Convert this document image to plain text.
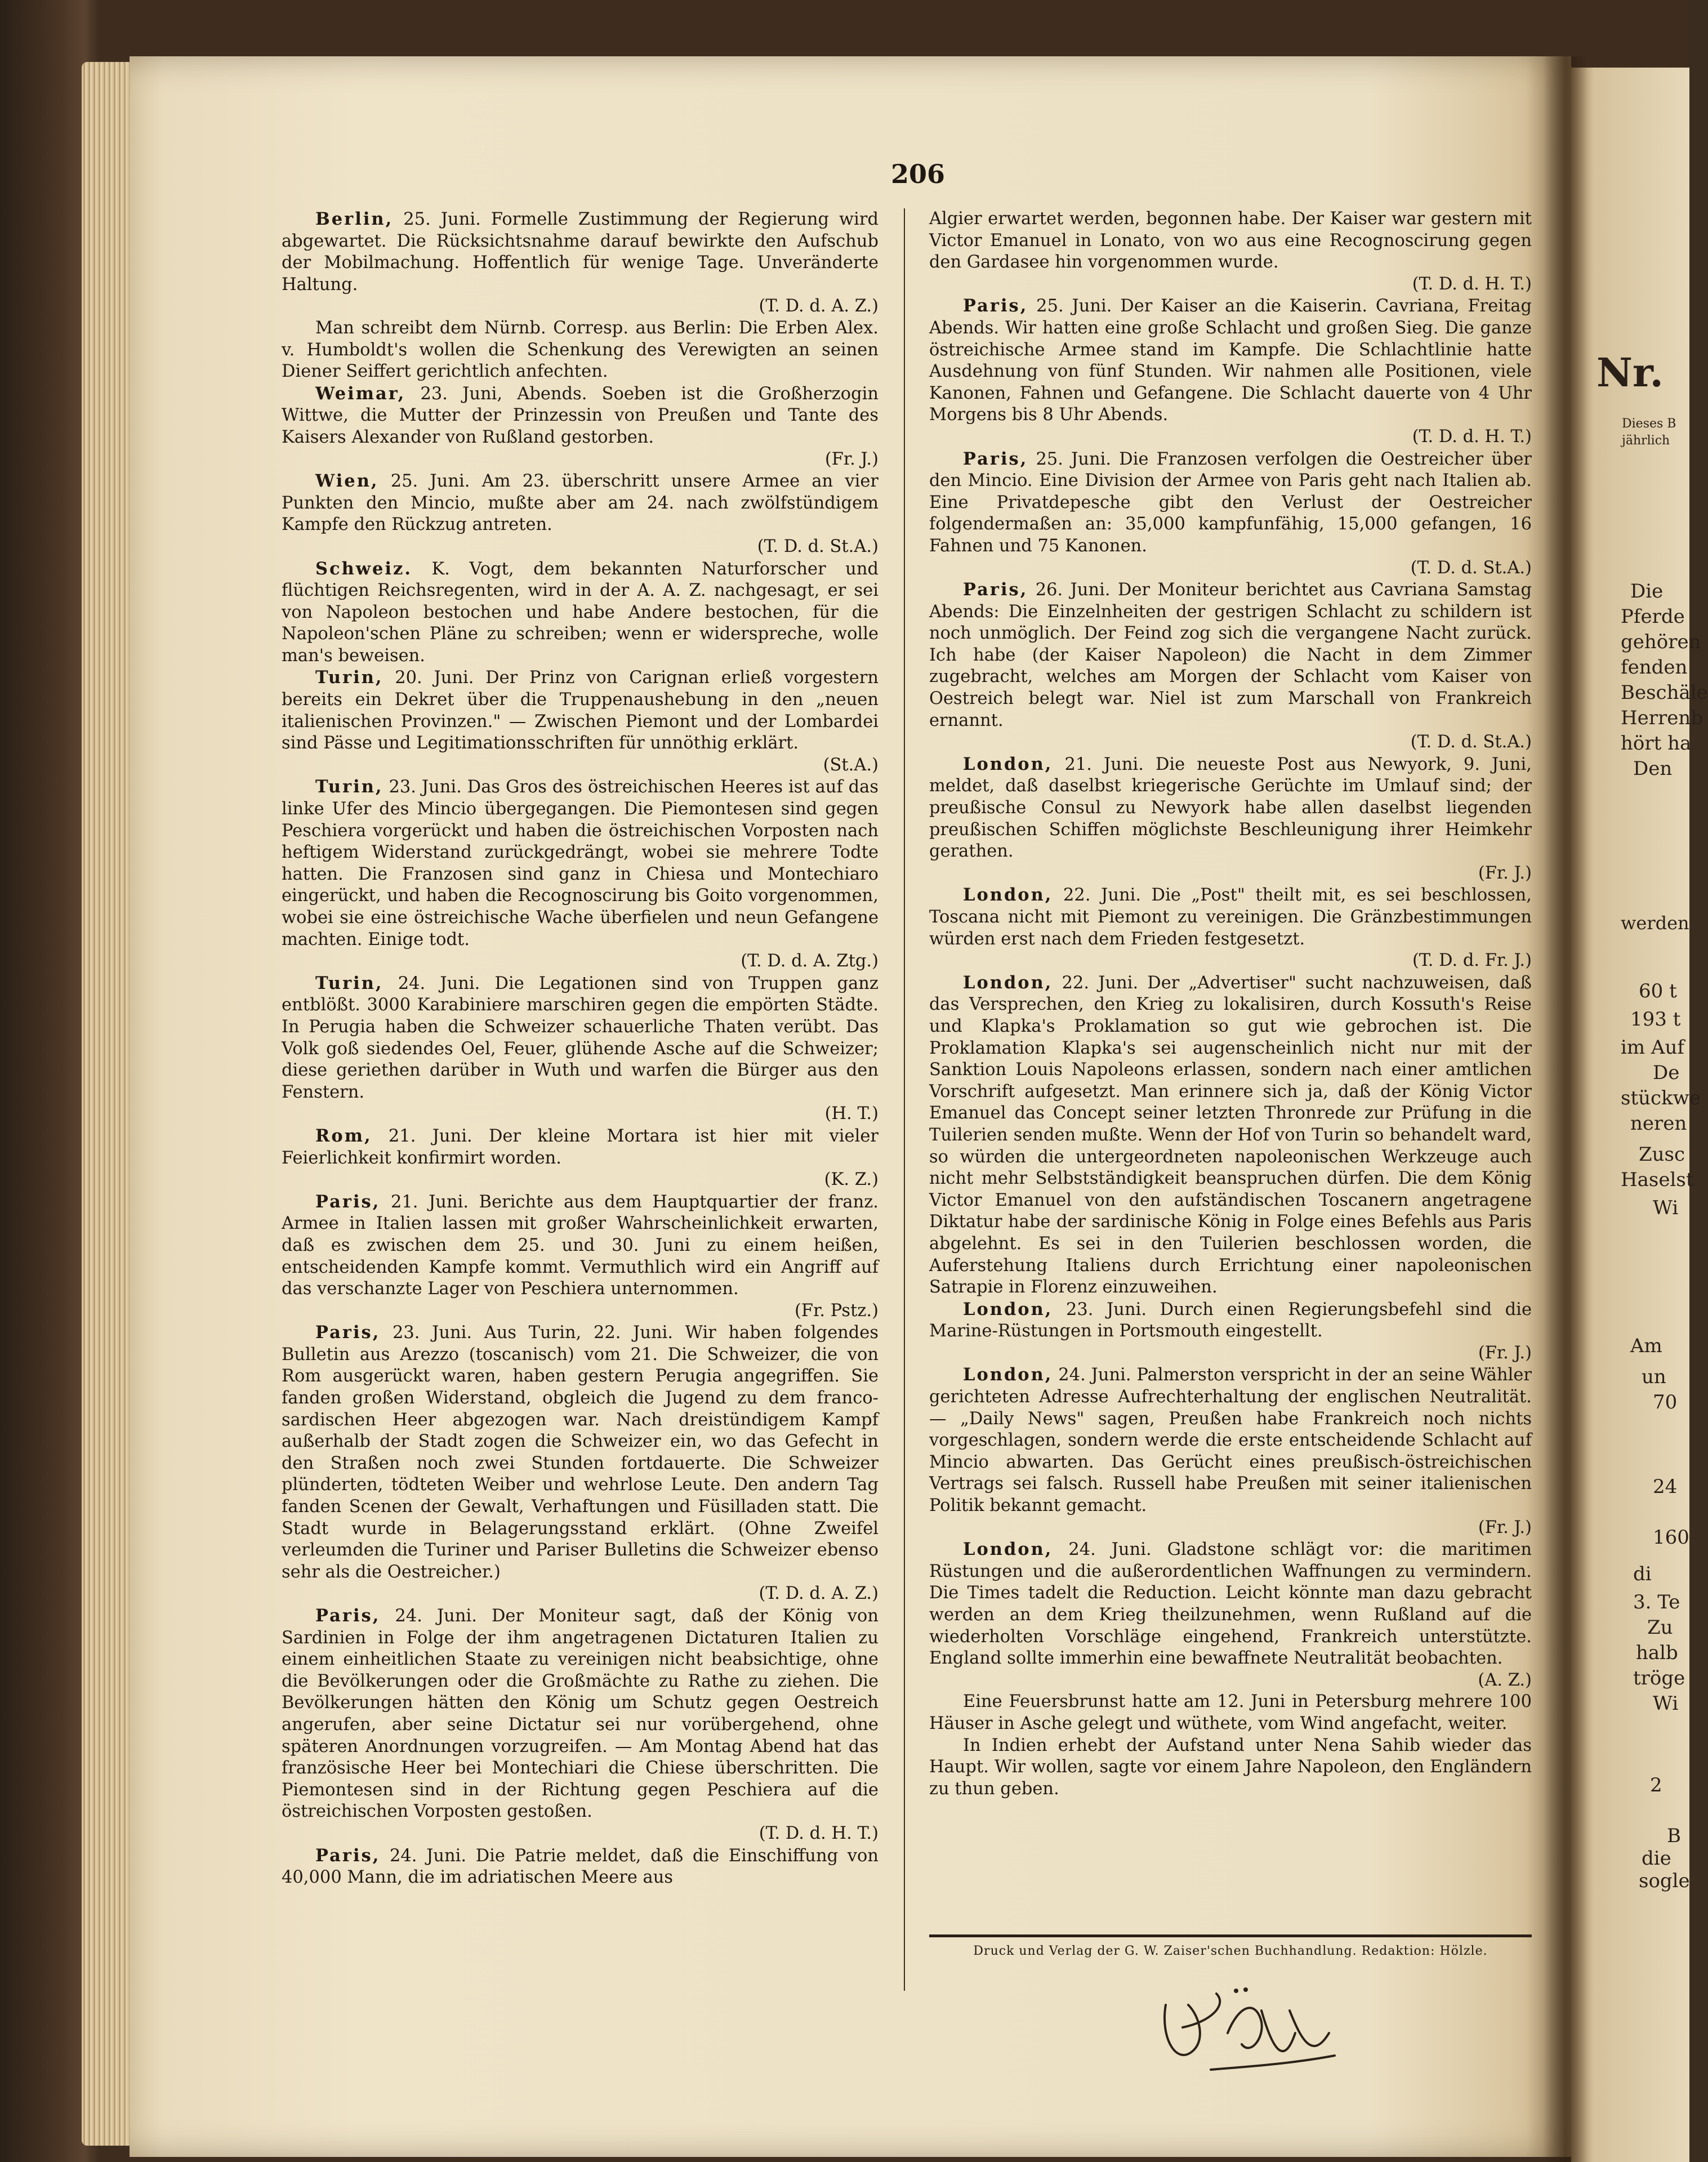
206

Berlin, 25. Juni. Formelle Zustimmung der Regierung wird abgewartet. Die Rücksichtsnahme darauf bewirkte den Aufschub der Mobilmachung. Hoffentlich für wenige Tage. Unveränderte Haltung.
(T. D. d. A. Z.)

Man schreibt dem Nürnb. Corresp. aus Berlin: Die Erben Alex. v. Humboldt's wollen die Schenkung des Verewigten an seinen Diener Seiffert gerichtlich anfechten.

Weimar, 23. Juni, Abends. Soeben ist die Großherzogin Wittwe, die Mutter der Prinzessin von Preußen und Tante des Kaisers Alexander von Rußland gestorben.
(Fr. J.)

Wien, 25. Juni. Am 23. überschritt unsere Armee an vier Punkten den Mincio, mußte aber am 24. nach zwölfstündigem Kampfe den Rückzug antreten.
(T. D. d. St.A.)

Schweiz. K. Vogt, dem bekannten Naturforscher und flüchtigen Reichsregenten, wird in der A. A. Z. nachgesagt, er sei von Napoleon bestochen und habe Andere bestochen, für die Napoleon'schen Pläne zu schreiben; wenn er widerspreche, wolle man's beweisen.

Turin, 20. Juni. Der Prinz von Carignan erließ vorgestern bereits ein Dekret über die Truppenaushebung in den „neuen italienischen Provinzen." — Zwischen Piemont und der Lombardei sind Pässe und Legitimationsschriften für unnöthig erklärt.
(St.A.)

Turin, 23. Juni. Das Gros des östreichischen Heeres ist auf das linke Ufer des Mincio übergegangen. Die Piemontesen sind gegen Peschiera vorgerückt und haben die östreichischen Vorposten nach heftigem Widerstand zurückgedrängt, wobei sie mehrere Todte hatten. Die Franzosen sind ganz in Chiesa und Montechiaro eingerückt, und haben die Recognoscirung bis Goito vorgenommen, wobei sie eine östreichische Wache überfielen und neun Gefangene machten. Einige todt.
(T. D. d. A. Ztg.)

Turin, 24. Juni. Die Legationen sind von Truppen ganz entblößt. 3000 Karabiniere marschiren gegen die empörten Städte. In Perugia haben die Schweizer schauerliche Thaten verübt. Das Volk goß siedendes Oel, Feuer, glühende Asche auf die Schweizer; diese geriethen darüber in Wuth und warfen die Bürger aus den Fenstern.
(H. T.)

Rom, 21. Juni. Der kleine Mortara ist hier mit vieler Feierlichkeit konfirmirt worden.
(K. Z.)

Paris, 21. Juni. Berichte aus dem Hauptquartier der franz. Armee in Italien lassen mit großer Wahrscheinlichkeit erwarten, daß es zwischen dem 25. und 30. Juni zu einem heißen, entscheidenden Kampfe kommt. Vermuthlich wird ein Angriff auf das verschanzte Lager von Peschiera unternommen.
(Fr. Pstz.)

Paris, 23. Juni. Aus Turin, 22. Juni. Wir haben folgendes Bulletin aus Arezzo (toscanisch) vom 21. Die Schweizer, die von Rom ausgerückt waren, haben gestern Perugia angegriffen. Sie fanden großen Widerstand, obgleich die Jugend zu dem franco-sardischen Heer abgezogen war. Nach dreistündigem Kampf außerhalb der Stadt zogen die Schweizer ein, wo das Gefecht in den Straßen noch zwei Stunden fortdauerte. Die Schweizer plünderten, tödteten Weiber und wehrlose Leute. Den andern Tag fanden Scenen der Gewalt, Verhaftungen und Füsilladen statt. Die Stadt wurde in Belagerungsstand erklärt. (Ohne Zweifel verleumden die Turiner und Pariser Bulletins die Schweizer ebenso sehr als die Oestreicher.)
(T. D. d. A. Z.)

Paris, 24. Juni. Der Moniteur sagt, daß der König von Sardinien in Folge der ihm angetragenen Dictaturen Italien zu einem einheitlichen Staate zu vereinigen nicht beabsichtige, ohne die Bevölkerungen oder die Großmächte zu Rathe zu ziehen. Die Bevölkerungen hätten den König um Schutz gegen Oestreich angerufen, aber seine Dictatur sei nur vorübergehend, ohne späteren Anordnungen vorzugreifen. — Am Montag Abend hat das französische Heer bei Montechiari die Chiese überschritten. Die Piemontesen sind in der Richtung gegen Peschiera auf die östreichischen Vorposten gestoßen.
(T. D. d. H. T.)

Paris, 24. Juni. Die Patrie meldet, daß die Einschiffung von 40,000 Mann, die im adriatischen Meere aus

Algier erwartet werden, begonnen habe. Der Kaiser war gestern mit Victor Emanuel in Lonato, von wo aus eine Recognoscirung gegen den Gardasee hin vorgenommen wurde.
(T. D. d. H. T.)

Paris, 25. Juni. Der Kaiser an die Kaiserin. Cavriana, Freitag Abends. Wir hatten eine große Schlacht und großen Sieg. Die ganze östreichische Armee stand im Kampfe. Die Schlachtlinie hatte Ausdehnung von fünf Stunden. Wir nahmen alle Positionen, viele Kanonen, Fahnen und Gefangene. Die Schlacht dauerte von 4 Uhr Morgens bis 8 Uhr Abends.
(T. D. d. H. T.)

Paris, 25. Juni. Die Franzosen verfolgen die Oestreicher über den Mincio. Eine Division der Armee von Paris geht nach Italien ab. Eine Privatdepesche gibt den Verlust der Oestreicher folgendermaßen an: 35,000 kampfunfähig, 15,000 gefangen, 16 Fahnen und 75 Kanonen.
(T. D. d. St.A.)

Paris, 26. Juni. Der Moniteur berichtet aus Cavriana Samstag Abends: Die Einzelnheiten der gestrigen Schlacht zu schildern ist noch unmöglich. Der Feind zog sich die vergangene Nacht zurück. Ich habe (der Kaiser Napoleon) die Nacht in dem Zimmer zugebracht, welches am Morgen der Schlacht vom Kaiser von Oestreich belegt war. Niel ist zum Marschall von Frankreich ernannt.
(T. D. d. St.A.)

London, 21. Juni. Die neueste Post aus Newyork, 9. Juni, meldet, daß daselbst kriegerische Gerüchte im Umlauf sind; der preußische Consul zu Newyork habe allen daselbst liegenden preußischen Schiffen möglichste Beschleunigung ihrer Heimkehr gerathen.
(Fr. J.)

London, 22. Juni. Die „Post" theilt mit, es sei beschlossen, Toscana nicht mit Piemont zu vereinigen. Die Gränzbestimmungen würden erst nach dem Frieden festgesetzt.
(T. D. d. Fr. J.)

London, 22. Juni. Der „Advertiser" sucht nachzuweisen, daß das Versprechen, den Krieg zu lokalisiren, durch Kossuth's Reise und Klapka's Proklamation so gut wie gebrochen ist. Die Proklamation Klapka's sei augenscheinlich nicht nur mit der Sanktion Louis Napoleons erlassen, sondern nach einer amtlichen Vorschrift aufgesetzt. Man erinnere sich ja, daß der König Victor Emanuel das Concept seiner letzten Thronrede zur Prüfung in die Tuilerien senden mußte. Wenn der Hof von Turin so behandelt ward, so würden die untergeordneten napoleonischen Werkzeuge auch nicht mehr Selbstständigkeit beanspruchen dürfen. Die dem König Victor Emanuel von den aufständischen Toscanern angetragene Diktatur habe der sardinische König in Folge eines Befehls aus Paris abgelehnt. Es sei in den Tuilerien beschlossen worden, die Auferstehung Italiens durch Errichtung einer napoleonischen Satrapie in Florenz einzuweihen.

London, 23. Juni. Durch einen Regierungsbefehl sind die Marine-Rüstungen in Portsmouth eingestellt.
(Fr. J.)

London, 24. Juni. Palmerston verspricht in der an seine Wähler gerichteten Adresse Aufrechterhaltung der englischen Neutralität. — „Daily News" sagen, Preußen habe Frankreich noch nichts vorgeschlagen, sondern werde die erste entscheidende Schlacht auf Mincio abwarten. Das Gerücht eines preußisch-östreichischen Vertrags sei falsch. Russell habe Preußen mit seiner italienischen Politik bekannt gemacht.
(Fr. J.)

London, 24. Juni. Gladstone schlägt vor: die maritimen Rüstungen und die außerordentlichen Waffnungen zu vermindern. Die Times tadelt die Reduction. Leicht könnte man dazu gebracht werden an dem Krieg theilzunehmen, wenn Rußland auf die wiederholten Vorschläge eingehend, Frankreich unterstützte. England sollte immerhin eine bewaffnete Neutralität beobachten.
(A. Z.)

Eine Feuersbrunst hatte am 12. Juni in Petersburg mehrere 100 Häuser in Asche gelegt und wüthete, vom Wind angefacht, weiter.

In Indien erhebt der Aufstand unter Nena Sahib wieder das Haupt. Wir wollen, sagte vor einem Jahre Napoleon, den Engländern zu thun geben.

Druck und Verlag der G. W. Zaiser'schen Buchhandlung. Redaktion: Hölzle.
Nr.
Dieses B
jährlich
Die
Pferde
gehören
fenden
Beschäle
Herrenb
hört ha
Den
werden
60 t
193 t
im Auf
De
stückwe
neren
Zusc
Haselst
Wi
Am
un
70
24
160
di
3. Te
Zu
halb
tröge
Wi
2
B
die
sogle
